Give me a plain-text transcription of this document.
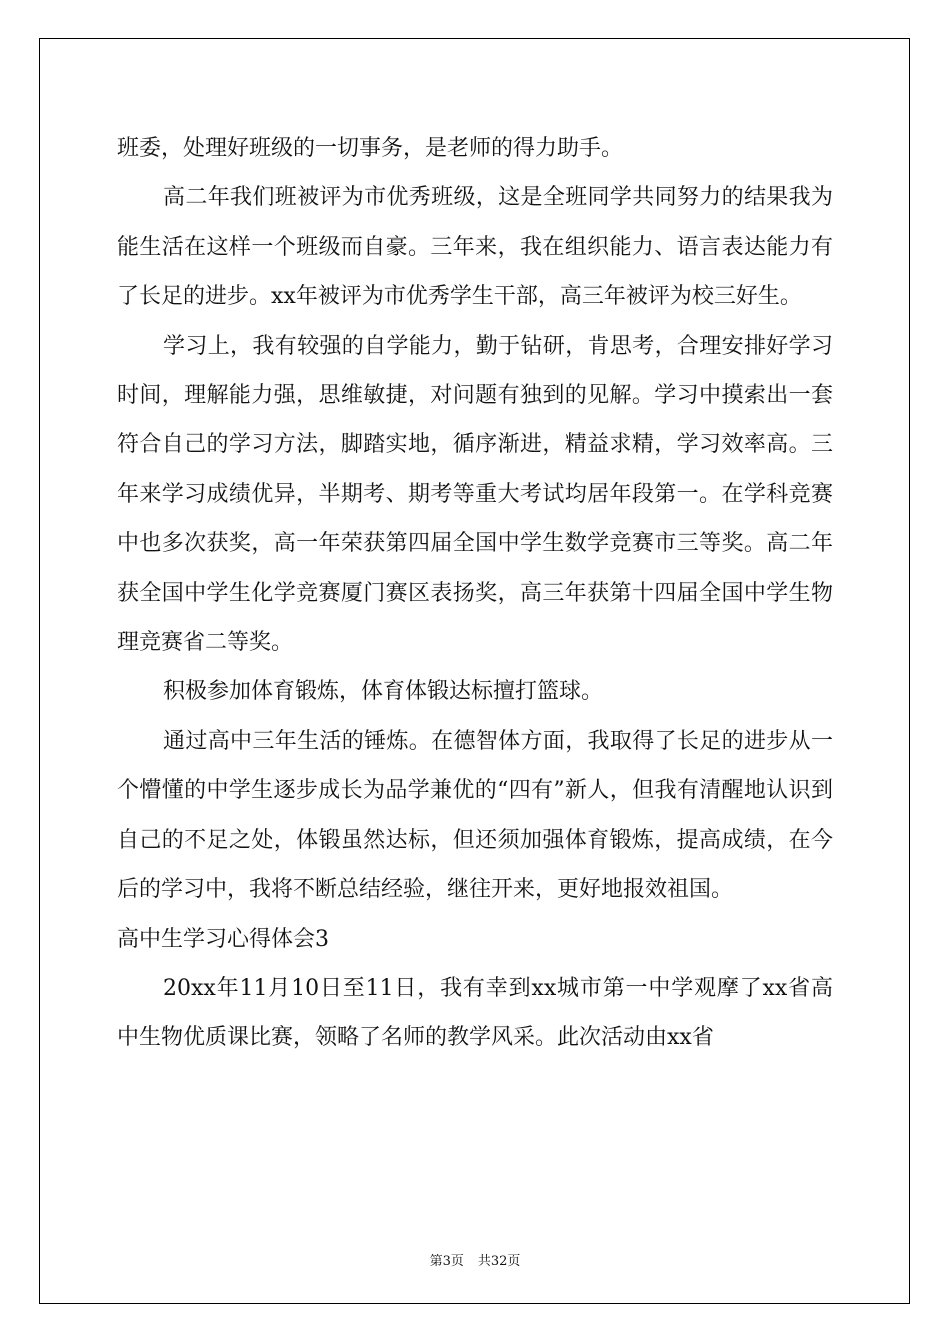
班委，处理好班级的一切事务，是老师的得力助手。

高二年我们班被评为市优秀班级，这是全班同学共同努力的结果我为能生活在这样一个班级而自豪。三年来，我在组织能力、语言表达能力有了长足的进步。xx年被评为市优秀学生干部，高三年被评为校三好生。

学习上，我有较强的自学能力，勤于钻研，肯思考，合理安排好学习时间，理解能力强，思维敏捷，对问题有独到的见解。学习中摸索出一套符合自己的学习方法，脚踏实地，循序渐进，精益求精，学习效率高。三年来学习成绩优异，半期考、期考等重大考试均居年段第一。在学科竞赛中也多次获奖，高一年荣获第四届全国中学生数学竞赛市三等奖。高二年获全国中学生化学竞赛厦门赛区表扬奖，高三年获第十四届全国中学生物理竞赛省二等奖。

积极参加体育锻炼，体育体锻达标擅打篮球。

通过高中三年生活的锤炼。在德智体方面，我取得了长足的进步从一个懵懂的中学生逐步成长为品学兼优的“四有”新人，但我有清醒地认识到自己的不足之处，体锻虽然达标，但还须加强体育锻炼，提高成绩，在今后的学习中，我将不断总结经验，继往开来，更好地报效祖国。

高中生学习心得体会3

20xx年11月10日至11日，我有幸到xx城市第一中学观摩了xx省高中生物优质课比赛，领略了名师的教学风采。此次活动由xx省

第3页 共32页
